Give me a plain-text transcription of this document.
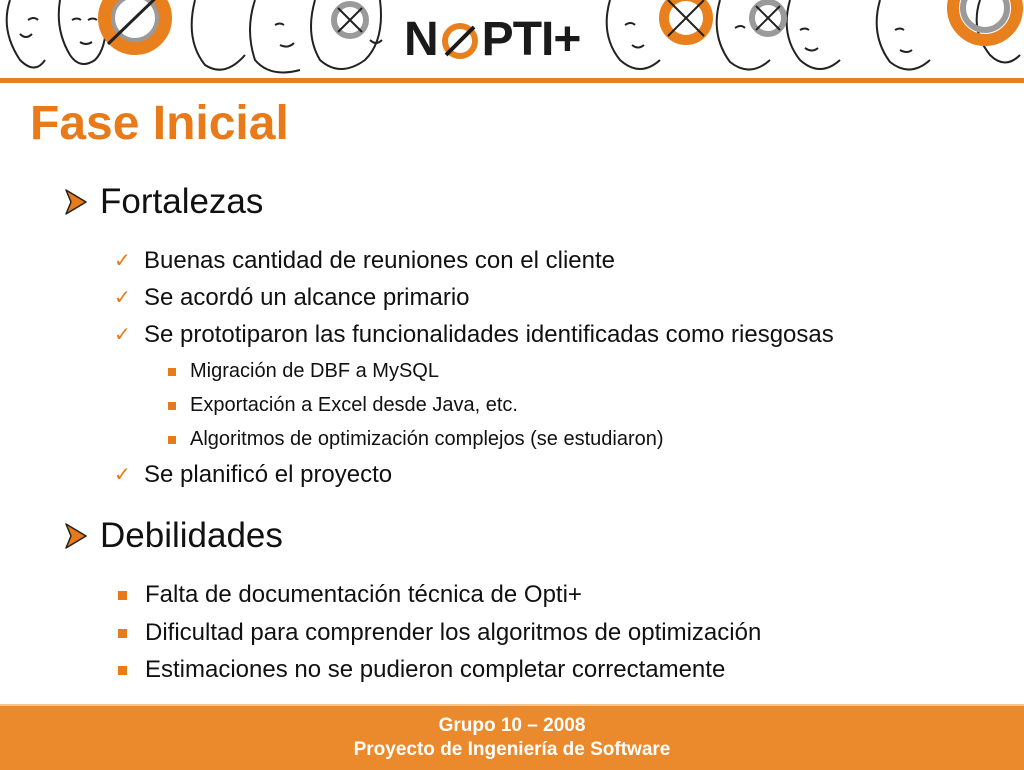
N PTI+
Fase Inicial
Fortalezas
✓ Buenas cantidad de reuniones con el cliente
✓ Se acordó un alcance primario
✓ Se prototiparon las funcionalidades identificadas como riesgosas
Migración de DBF a MySQL
Exportación a Excel desde Java, etc.
Algoritmos de optimización complejos (se estudiaron)
✓ Se planificó el proyecto
Debilidades
Falta de documentación técnica de Opti+
Dificultad para comprender los algoritmos de optimización
Estimaciones no se pudieron completar correctamente
Grupo 10 – 2008
Proyecto de Ingeniería de Software
